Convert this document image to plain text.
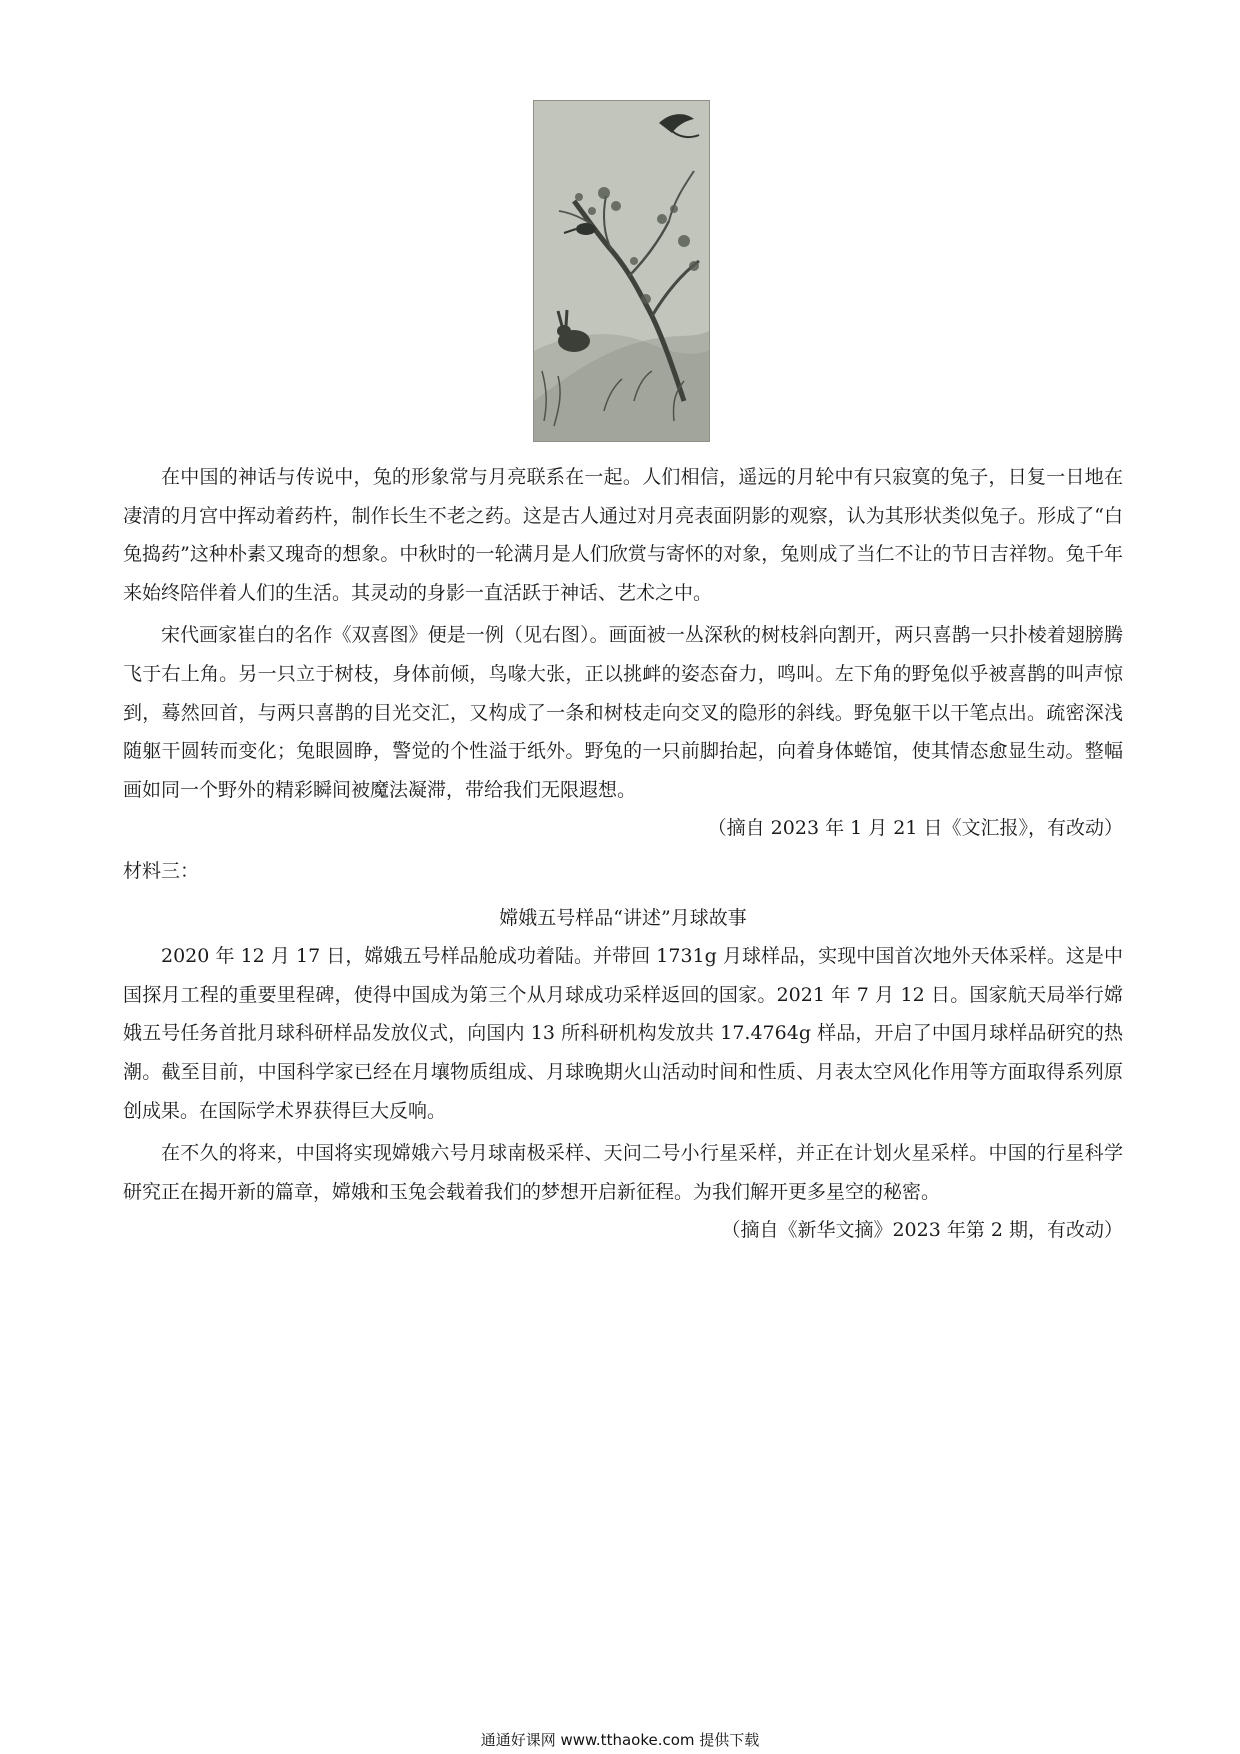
在中国的神话与传说中，兔的形象常与月亮联系在一起。人们相信，遥远的月轮中有只寂寞的兔子，日复一日地在凄清的月宫中挥动着药杵，制作长生不老之药。这是古人通过对月亮表面阴影的观察，认为其形状类似兔子。形成了“白兔捣药”这种朴素又瑰奇的想象。中秋时的一轮满月是人们欣赏与寄怀的对象，兔则成了当仁不让的节日吉祥物。兔千年来始终陪伴着人们的生活。其灵动的身影一直活跃于神话、艺术之中。

宋代画家崔白的名作《双喜图》便是一例（见右图）。画面被一丛深秋的树枝斜向割开，两只喜鹊一只扑棱着翅膀腾飞于右上角。另一只立于树枝，身体前倾，鸟喙大张，正以挑衅的姿态奋力，鸣叫。左下角的野兔似乎被喜鹊的叫声惊到，蓦然回首，与两只喜鹊的目光交汇，又构成了一条和树枝走向交叉的隐形的斜线。野兔躯干以干笔点出。疏密深浅随躯干圆转而变化；兔眼圆睁，警觉的个性溢于纸外。野兔的一只前脚抬起，向着身体蜷馆，使其情态愈显生动。整幅画如同一个野外的精彩瞬间被魔法凝滞，带给我们无限遐想。

（摘自 2023 年 1 月 21 日《文汇报》，有改动）
材料三：
嫦娥五号样品“讲述”月球故事

2020 年 12 月 17 日，嫦娥五号样品舱成功着陆。并带回 1731g 月球样品，实现中国首次地外天体采样。这是中国探月工程的重要里程碑，使得中国成为第三个从月球成功采样返回的国家。2021 年 7 月 12 日。国家航天局举行嫦娥五号任务首批月球科研样品发放仪式，向国内 13 所科研机构发放共 17.4764g 样品，开启了中国月球样品研究的热潮。截至目前，中国科学家已经在月壤物质组成、月球晚期火山活动时间和性质、月表太空风化作用等方面取得系列原创成果。在国际学术界获得巨大反响。

在不久的将来，中国将实现嫦娥六号月球南极采样、天问二号小行星采样，并正在计划火星采样。中国的行星科学研究正在揭开新的篇章，嫦娥和玉兔会载着我们的梦想开启新征程。为我们解开更多星空的秘密。

（摘自《新华文摘》2023 年第 2 期，有改动）
通通好课网 www.tthaoke.com 提供下载
